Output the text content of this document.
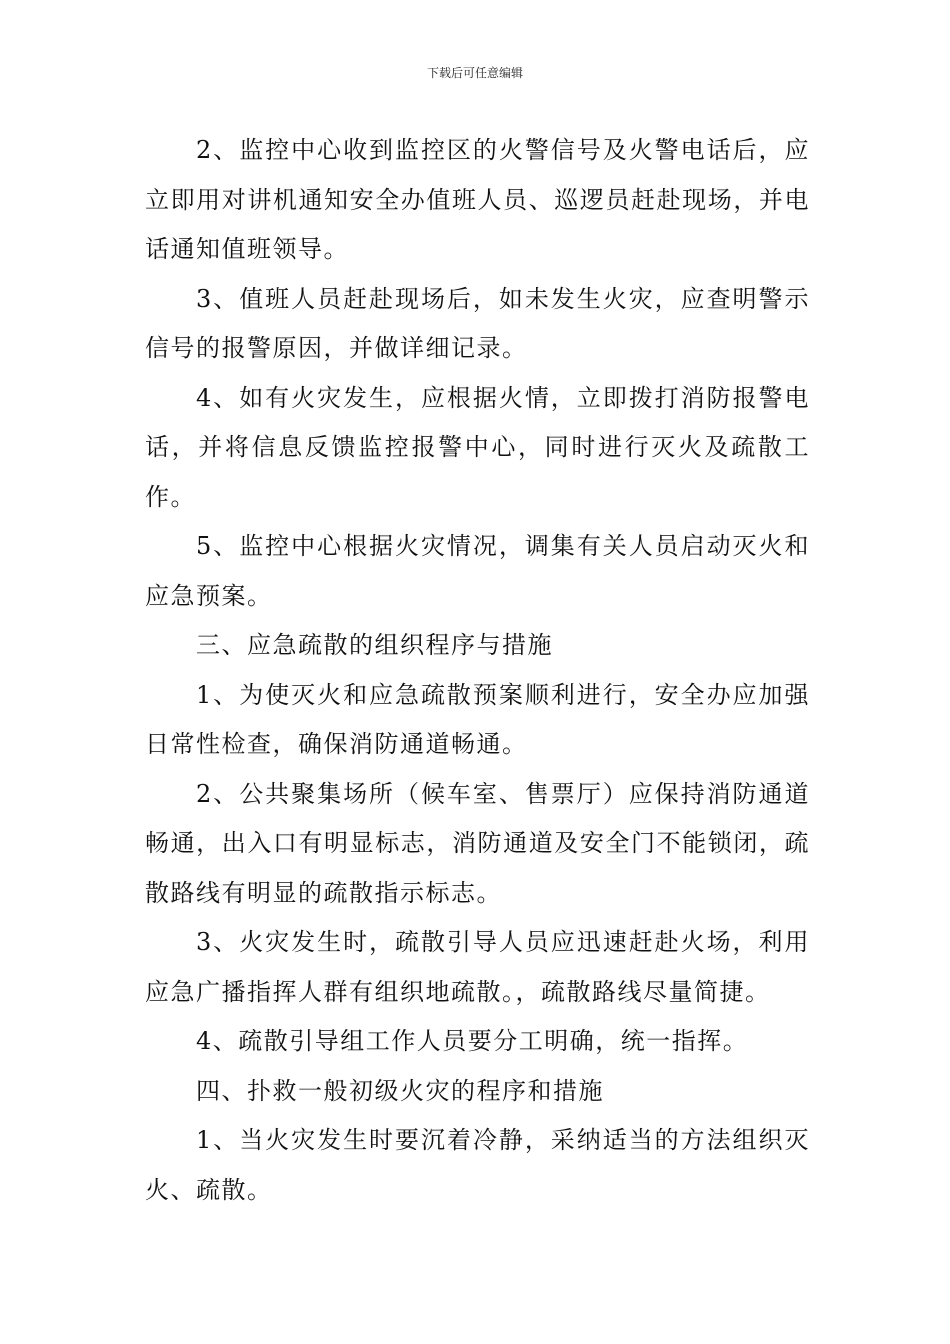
下载后可任意编辑

2、监控中心收到监控区的火警信号及火警电话后，应立即用对讲机通知安全办值班人员、巡逻员赶赴现场，并电话通知值班领导。

3、值班人员赶赴现场后，如未发生火灾，应查明警示信号的报警原因，并做详细记录。

4、如有火灾发生，应根据火情，立即拨打消防报警电话，并将信息反馈监控报警中心，同时进行灭火及疏散工作。

5、监控中心根据火灾情况，调集有关人员启动灭火和应急预案。

三、应急疏散的组织程序与措施

1、为使灭火和应急疏散预案顺利进行，安全办应加强日常性检查，确保消防通道畅通。

2、公共聚集场所（候车室、售票厅）应保持消防通道畅通，出入口有明显标志，消防通道及安全门不能锁闭，疏散路线有明显的疏散指示标志。

3、火灾发生时，疏散引导人员应迅速赶赴火场，利用应急广播指挥人群有组织地疏散。，疏散路线尽量简捷。

4、疏散引导组工作人员要分工明确，统一指挥。

四、扑救一般初级火灾的程序和措施

1、当火灾发生时要沉着冷静，采纳适当的方法组织灭火、疏散。
